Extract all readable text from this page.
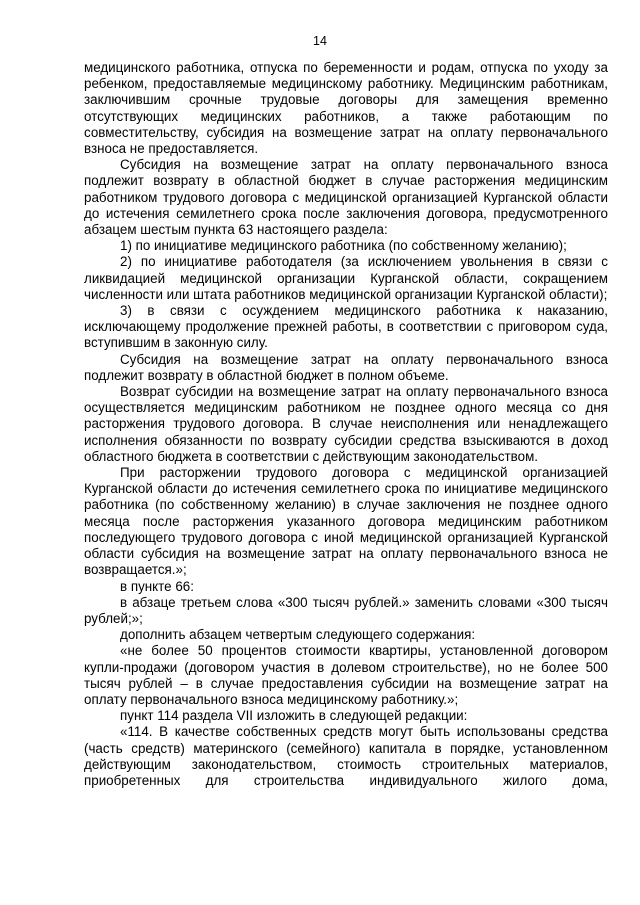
14

медицинского работника, отпуска по беременности и родам, отпуска по уходу за ребенком, предоставляемые медицинскому работнику. Медицинским работникам, заключившим срочные трудовые договоры для замещения временно отсутствующих медицинских работников, а также работающим по совместительству, субсидия на возмещение затрат на оплату первоначального взноса не предоставляется.

Субсидия на возмещение затрат на оплату первоначального взноса подлежит возврату в областной бюджет в случае расторжения медицинским работником трудового договора с медицинской организацией Курганской области до истечения семилетнего срока после заключения договора, предусмотренного абзацем шестым пункта 63 настоящего раздела:

1) по инициативе медицинского работника (по собственному желанию);

2) по инициативе работодателя (за исключением увольнения в связи с ликвидацией медицинской организации Курганской области, сокращением численности или штата работников медицинской организации Курганской области);

3) в связи с осуждением медицинского работника к наказанию, исключающему продолжение прежней работы, в соответствии с приговором суда, вступившим в законную силу.

Субсидия на возмещение затрат на оплату первоначального взноса подлежит возврату в областной бюджет в полном объеме.

Возврат субсидии на возмещение затрат на оплату первоначального взноса осуществляется медицинским работником не позднее одного месяца со дня расторжения трудового договора. В случае неисполнения или ненадлежащего исполнения обязанности по возврату субсидии средства взыскиваются в доход областного бюджета в соответствии с действующим законодательством.

При расторжении трудового договора с медицинской организацией Курганской области до истечения семилетнего срока по инициативе медицинского работника (по собственному желанию) в случае заключения не позднее одного месяца после расторжения указанного договора медицинским работником последующего трудового договора с иной медицинской организацией Курганской области субсидия на возмещение затрат на оплату первоначального взноса не возвращается.»;

в пункте 66:

в абзаце третьем слова «300 тысяч рублей.» заменить словами «300 тысяч рублей;»;

дополнить абзацем четвертым следующего содержания:

«не более 50 процентов стоимости квартиры, установленной договором купли-продажи (договором участия в долевом строительстве), но не более 500 тысяч рублей – в случае предоставления субсидии на возмещение затрат на оплату первоначального взноса медицинскому работнику.»;

пункт 114 раздела VII изложить в следующей редакции:

«114. В качестве собственных средств могут быть использованы средства (часть средств) материнского (семейного) капитала в порядке, установленном действующим законодательством, стоимость строительных материалов, приобретенных для строительства индивидуального жилого дома,
